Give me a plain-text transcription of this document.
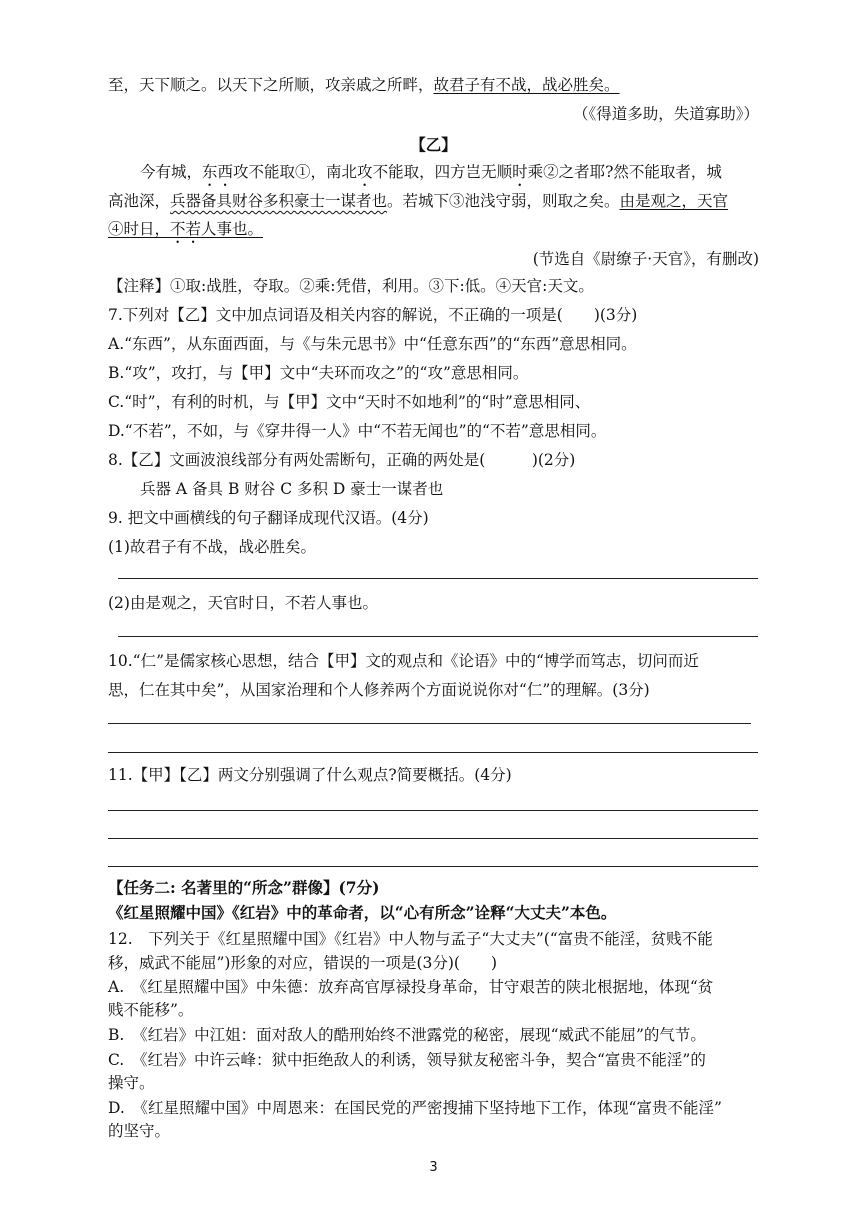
至，天下顺之。以天下之所顺，攻亲戚之所畔，故君子有不战，战必胜矣。
（《得道多助，失道寡助》）
【乙】
今有城，东西攻不能取①，南北攻不能取，四方岂无顺时乘②之者耶?然不能取者，城
高池深，兵器备具财谷多积豪士一谋者也。若城下③池浅守弱，则取之矣。由是观之，天官
④时日，不若人事也。
(节选自《尉缭子·天官》，有删改)
【注释】①取:战胜，夺取。②乘:凭借，利用。③下:低。④天官:天文。
7.下列对【乙】文中加点词语及相关内容的解说，不正确的一项是(　　)(3分)
A.“东西”，从东面西面，与《与朱元思书》中“任意东西”的“东西”意思相同。
B.“攻”，攻打，与【甲】文中“夫环而攻之”的“攻”意思相同。
C.“时”，有利的时机，与【甲】文中“天时不如地利”的“时”意思相同、
D.“不若”，不如，与《穿井得一人》中“不若无闻也”的“不若”意思相同。
8.【乙】文画波浪线部分有两处需断句，正确的两处是(　　　)(2分)
兵器 A 备具 B 财谷 C 多积 D 豪士一谋者也
9. 把文中画横线的句子翻译成现代汉语。(4分)
(1)故君子有不战，战必胜矣。
(2)由是观之，天官时日，不若人事也。
10.“仁”是儒家核心思想，结合【甲】文的观点和《论语》中的“博学而笃志，切问而近
思，仁在其中矣”，从国家治理和个人修养两个方面说说你对“仁”的理解。(3分)
11.【甲】【乙】两文分别强调了什么观点?简要概括。(4分)
【任务二: 名著里的“所念”群像】(7分)
《红星照耀中国》《红岩》中的革命者，以“心有所念”诠释“大丈夫”本色。
12.　下列关于《红星照耀中国》《红岩》中人物与孟子“大丈夫”(“富贵不能淫，贫贱不能
移，威武不能屈”)形象的对应，错误的一项是(3分)(　　)
A.　《红星照耀中国》中朱德：放弃高官厚禄投身革命，甘守艰苦的陕北根据地，体现“贫
贱不能移”。
B.　《红岩》中江姐：面对敌人的酷刑始终不泄露党的秘密，展现“威武不能屈”的气节。
C.　《红岩》中许云峰：狱中拒绝敌人的利诱，领导狱友秘密斗争，契合“富贵不能淫”的
操守。
D.　《红星照耀中国》中周恩来：在国民党的严密搜捕下坚持地下工作，体现“富贵不能淫”
的坚守。
3
